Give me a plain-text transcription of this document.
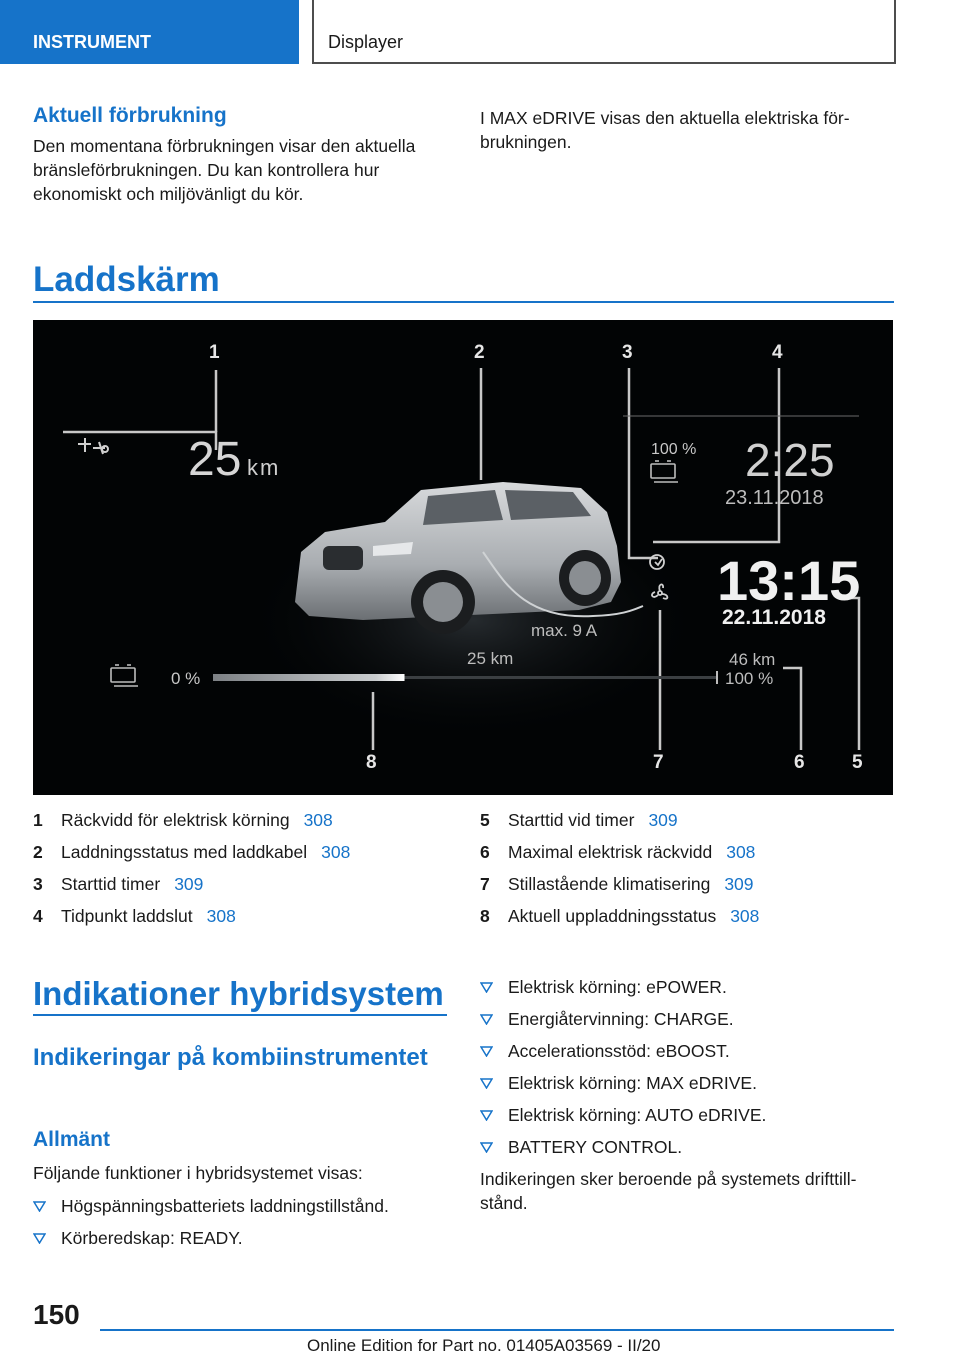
INSTRUMENT	Displayer
Aktuell förbrukning
Den momentana förbrukningen visar den aktuella
bränsleförbrukningen. Du kan kontrollera hur
ekonomiskt och miljövänligt du kör.
I MAX eDRIVE visas den aktuella elektriska för-
brukningen.
Laddskärm
1	2	3	4
5
6
7
8
25 km
100 % 2:25
23.11.2018
13:15
22.11.2018
max. 9 A
0 %
25 km	46 km
100 %
1 Räckvidd för elektrisk körning 308
2 Laddningsstatus med laddkabel 308
3 Starttid timer 309
4 Tidpunkt laddslut 308
5 Starttid vid timer 309
6 Maximal elektrisk räckvidd 308
7 Stillastående klimatisering 309
8 Aktuell uppladdningsstatus 308
Indikationer hybridsystem
Indikeringar på kombiinstrumentet
Allmänt
Följande funktioner i hybridsystemet visas:
Högspänningsbatteriets laddningstillstånd.
Körberedskap: READY.
Elektrisk körning: ePOWER.
Energiåtervinning: CHARGE.
Accelerationsstöd: eBOOST.
Elektrisk körning: MAX eDRIVE.
Elektrisk körning: AUTO eDRIVE.
BATTERY CONTROL.
Indikeringen sker beroende på systemets drifttill-
stånd.
150
Online Edition for Part no. 01405A03569 - II/20
